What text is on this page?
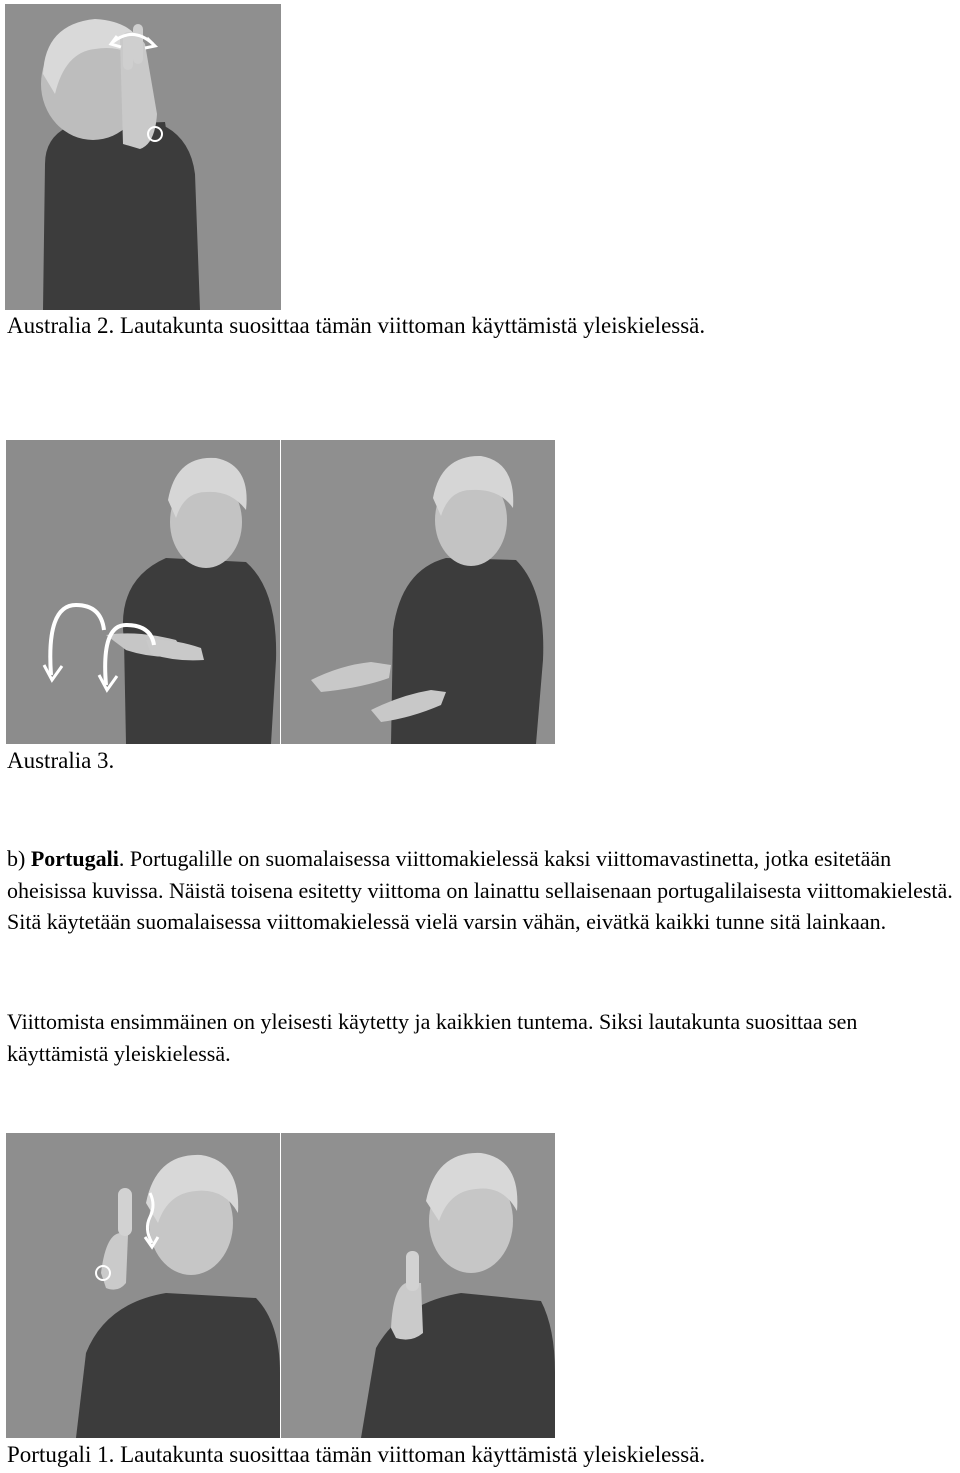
Australia 2. Lautakunta suosittaa tämän viittoman käyttämistä yleiskielessä.
Australia 3.

b) Portugali. Portugalille on suomalaisessa viittomakielessä kaksi viittomavastinetta, jotka esitetään oheisissa kuvissa. Näistä toisena esitetty viittoma on lainattu sellaisenaan portugalilaisesta viittomakielestä. Sitä käytetään suomalaisessa viittomakielessä vielä varsin vähän, eivätkä kaikki tunne sitä lainkaan.

Viittomista ensimmäinen on yleisesti käytetty ja kaikkien tuntema. Siksi lautakunta suosittaa sen käyttämistä yleiskielessä.

Portugali 1. Lautakunta suosittaa tämän viittoman käyttämistä yleiskielessä.
